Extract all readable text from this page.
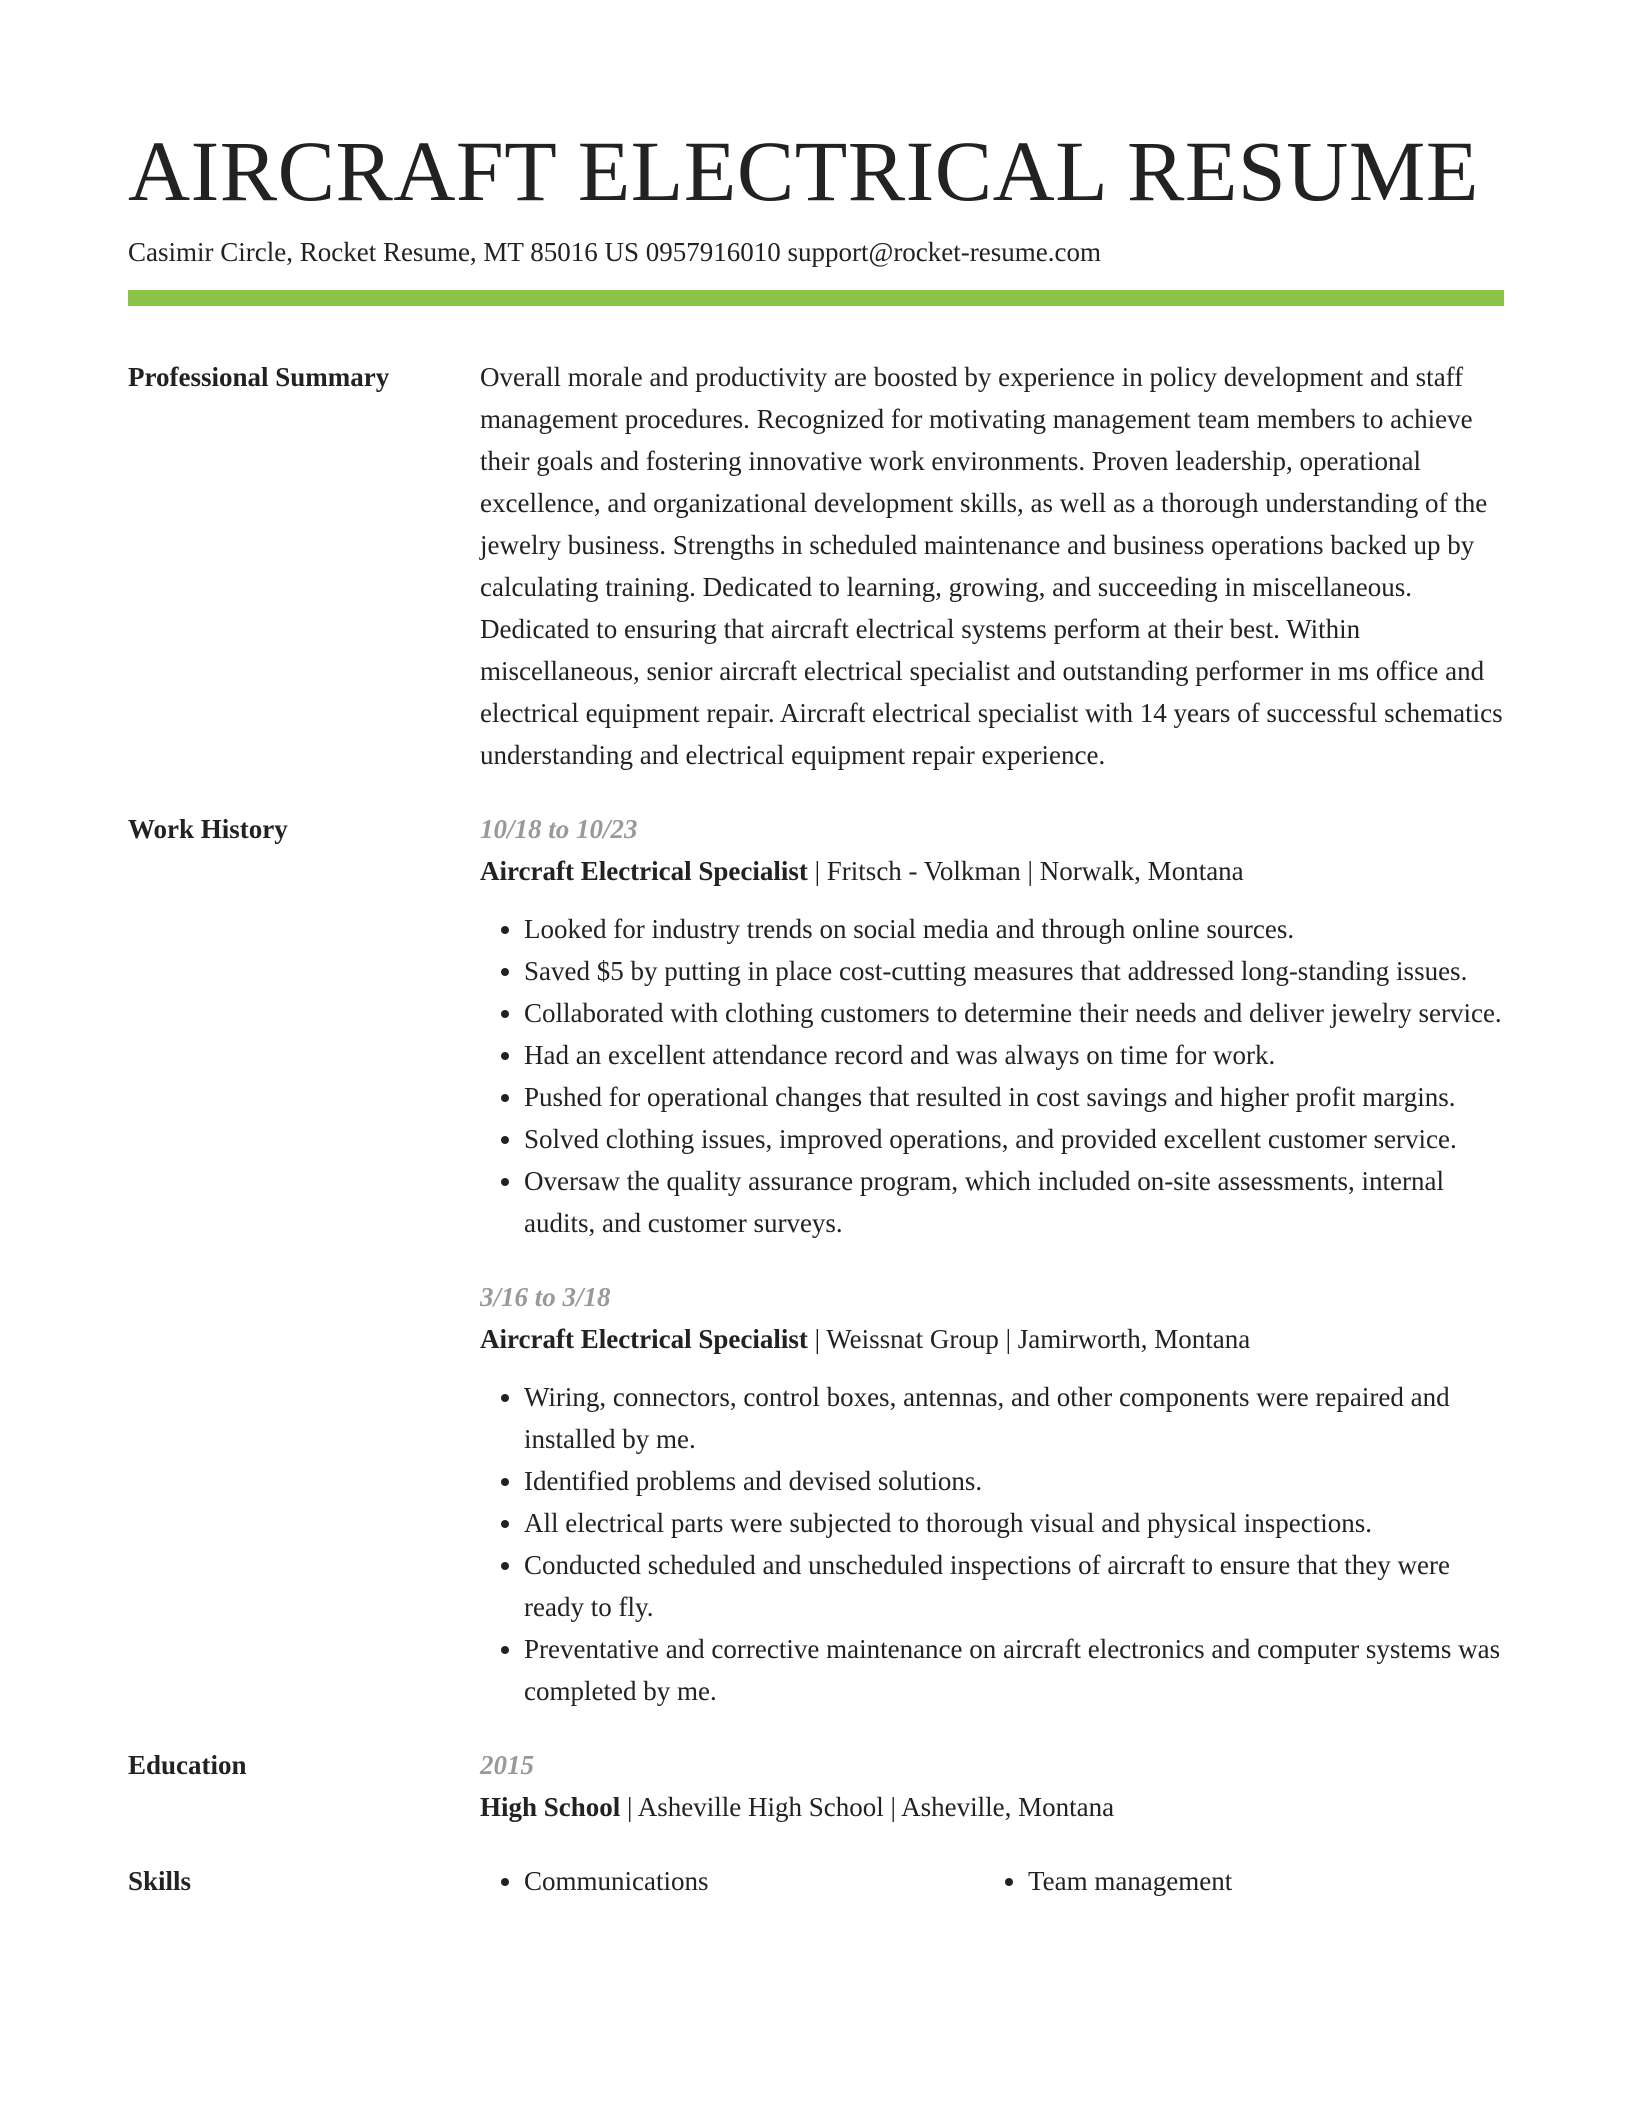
AIRCRAFT ELECTRICAL RESUME
Casimir Circle, Rocket Resume, MT 85016 US 0957916010 support@rocket-resume.com
Professional Summary	Overall morale and productivity are boosted by experience in policy development and staff management procedures. Recognized for motivating management team members to achieve their goals and fostering innovative work environments. Proven leadership, operational excellence, and organizational development skills, as well as a thorough understanding of the jewelry business. Strengths in scheduled maintenance and business operations backed up by calculating training. Dedicated to learning, growing, and succeeding in miscellaneous. Dedicated to ensuring that aircraft electrical systems perform at their best. Within miscellaneous, senior aircraft electrical specialist and outstanding performer in ms office and electrical equipment repair. Aircraft electrical specialist with 14 years of successful schematics understanding and electrical equipment repair experience.
Work History	10/18 to 10/23
Aircraft Electrical Specialist | Fritsch - Volkman | Norwalk, Montana
• Looked for industry trends on social media and through online sources.
• Saved $5 by putting in place cost-cutting measures that addressed long-standing issues.
• Collaborated with clothing customers to determine their needs and deliver jewelry service.
• Had an excellent attendance record and was always on time for work.
• Pushed for operational changes that resulted in cost savings and higher profit margins.
• Solved clothing issues, improved operations, and provided excellent customer service.
• Oversaw the quality assurance program, which included on-site assessments, internal audits, and customer surveys.
3/16 to 3/18
Aircraft Electrical Specialist | Weissnat Group | Jamirworth, Montana
• Wiring, connectors, control boxes, antennas, and other components were repaired and installed by me.
• Identified problems and devised solutions.
• All electrical parts were subjected to thorough visual and physical inspections.
• Conducted scheduled and unscheduled inspections of aircraft to ensure that they were ready to fly.
• Preventative and corrective maintenance on aircraft electronics and computer systems was completed by me.
Education	2015
High School | Asheville High School | Asheville, Montana
Skills	• Communications	• Team management
